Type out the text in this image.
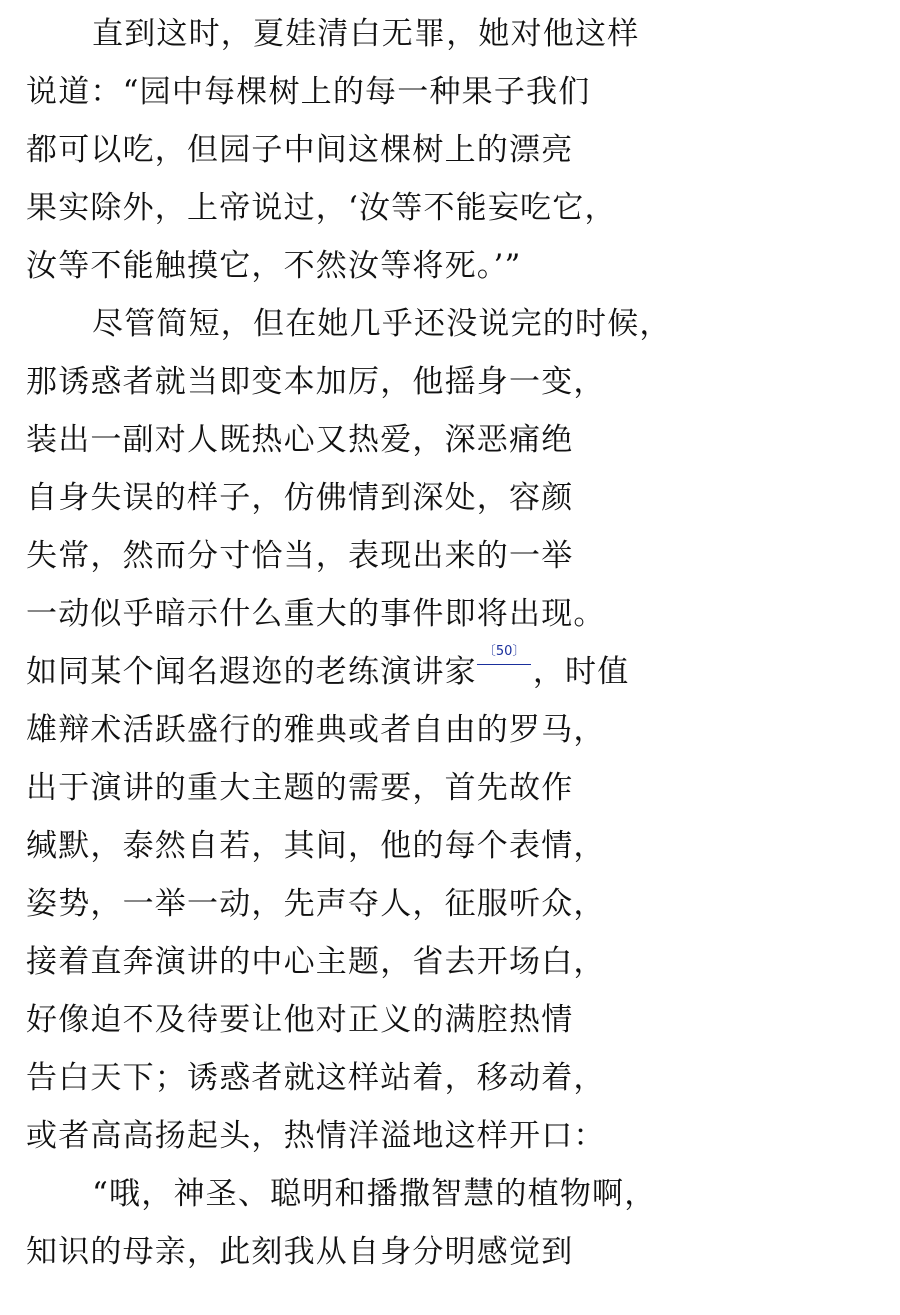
直到这时，夏娃清白无罪，她对他这样
说道：“园中每棵树上的每一种果子我们
都可以吃，但园子中间这棵树上的漂亮
果实除外，上帝说过，‘汝等不能妄吃它，
汝等不能触摸它，不然汝等将死。’”
尽管简短，但在她几乎还没说完的时候，
那诱惑者就当即变本加厉，他摇身一变，
装出一副对人既热心又热爱，深恶痛绝
自身失误的样子，仿佛情到深处，容颜
失常，然而分寸恰当，表现出来的一举
一动似乎暗示什么重大的事件即将出现。
如同某个闻名遐迩的老练演讲家
〔50〕
，时值
雄辩术活跃盛行的雅典或者自由的罗马，
出于演讲的重大主题的需要，首先故作
缄默，泰然自若，其间，他的每个表情，
姿势，一举一动，先声夺人，征服听众，
接着直奔演讲的中心主题，省去开场白，
好像迫不及待要让他对正义的满腔热情
告白天下；诱惑者就这样站着，移动着，
或者高高扬起头，热情洋溢地这样开口：
“哦，神圣、聪明和播撒智慧的植物啊，
知识的母亲，此刻我从自身分明感觉到
